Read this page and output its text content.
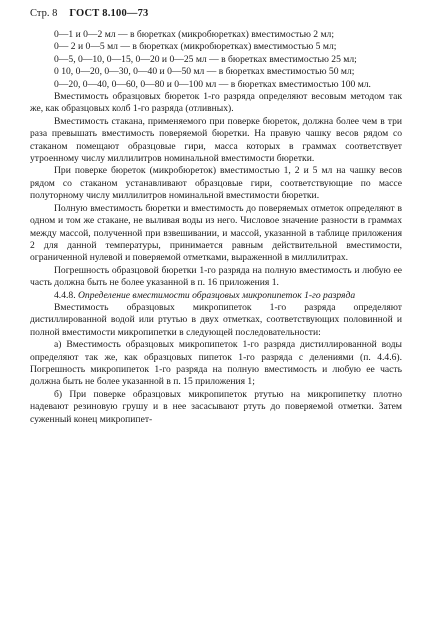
Стр. 8 ГОСТ 8.100—73

0—1 и 0—2 мл — в бюретках (микробюретках) вместимостью 2 мл;

0— 2 и 0—5 мл — в бюретках (микробюретках) вместимостью 5 мл;

0—5, 0—10, 0—15, 0—20 и 0—25 мл — в бюретках вместимостью 25 мл;

0 10, 0—20, 0—30, 0—40 и 0—50 мл — в бюретках вместимостью 50 мл;

0—20, 0—40, 0—60, 0—80 и 0—100 мл — в бюретках вместимостью 100 мл.

Вместимость образцовых бюреток 1-го разряда определяют весовым методом так же, как образцовых колб 1-го разряда (отливных).

Вместимость стакана, применяемого при поверке бюреток, должна более чем в три раза превышать вместимость поверяемой бюретки. На правую чашку весов рядом со стаканом помещают образцовые гири, масса которых в граммах соответствует утроенному числу миллилитров номинальной вместимости бюретки.

При поверке бюреток (микробюреток) вместимостью 1, 2 и 5 мл на чашку весов рядом со стаканом устанавливают образцовые гири, соответствующие по массе полуторному числу миллилитров номинальной вместимости бюретки.

Полную вместимость бюретки и вместимость до поверяемых отметок определяют в одном и том же стакане, не выливая воды из него. Числовое значение разности в граммах между массой, полученной при взвешивании, и массой, указанной в таблице приложения 2 для данной температуры, принимается равным действительной вместимости, ограниченной нулевой и поверяемой отметками, выраженной в миллилитрах.

Погрешность образцовой бюретки 1-го разряда на полную вместимость и любую ее часть должна быть не более указанной в п. 16 приложения 1.

4.4.8. Определение вместимости образцовых микропипеток 1-го разряда

Вместимость образцовых микропипеток 1-го разряда определяют дистиллированной водой или ртутью в двух отметках, соответствующих половинной и полной вместимости микропипетки в следующей последовательности:

а) Вместимость образцовых микропипеток 1-го разряда дистиллированной воды определяют так же, как образцовых пипеток 1-го разряда с делениями (п. 4.4.6). Погрешность микропипеток 1-го разряда на полную вместимость и любую ее часть должна быть не более указанной в п. 15 приложения 1;

б) При поверке образцовых микропипеток ртутью на микропипетку плотно надевают резиновую грушу и в нее засасывают ртуть до поверяемой отметки. Затем суженный конец микропипет-
